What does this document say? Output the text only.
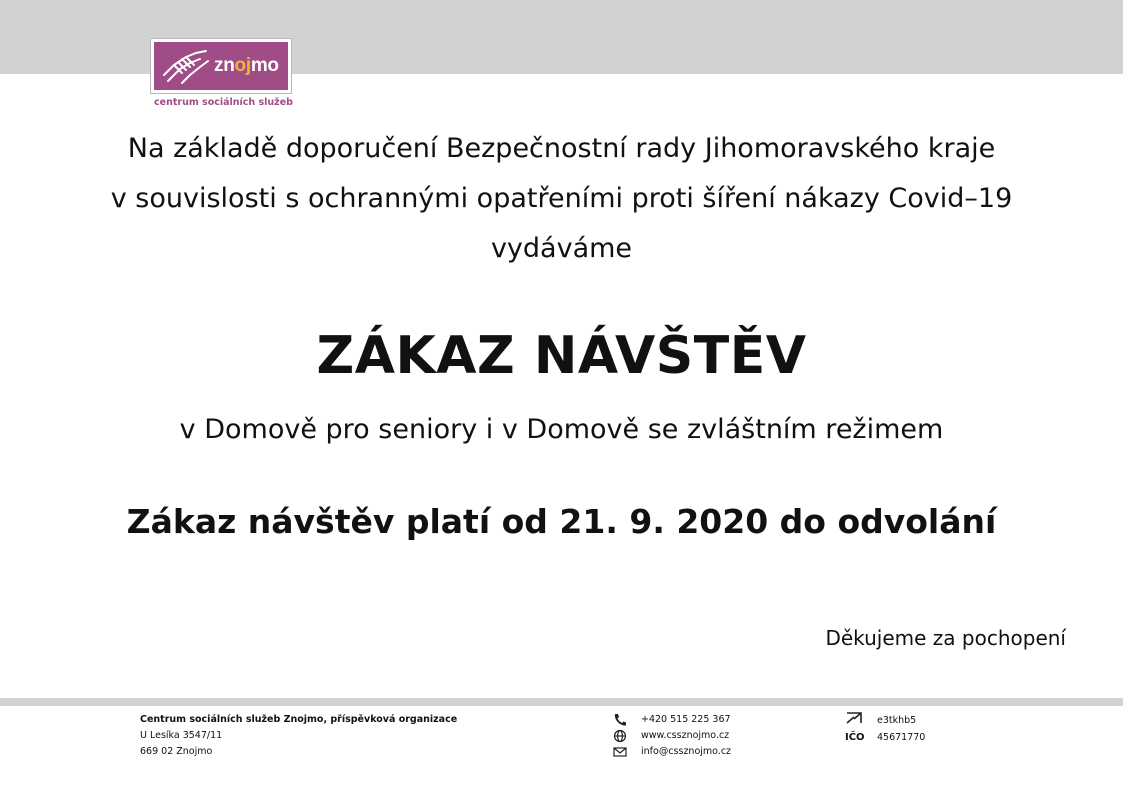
znojmo
centrum sociálních služeb
Na základě doporučení Bezpečnostní rady Jihomoravského kraje
v souvislosti s ochrannými opatřeními proti šíření nákazy Covid–19
vydáváme
ZÁKAZ NÁVŠTĚV
v Domově pro seniory i v Domově se zvláštním režimem
Zákaz návštěv platí od 21. 9. 2020 do odvolání
Děkujeme za pochopení
Centrum sociálních služeb Znojmo, příspěvková organizace
U Lesíka 3547/11
669 02 Znojmo
+420 515 225 367
www.cssznojmo.cz
info@cssznojmo.cz
e3tkhb5
IČO	45671770
